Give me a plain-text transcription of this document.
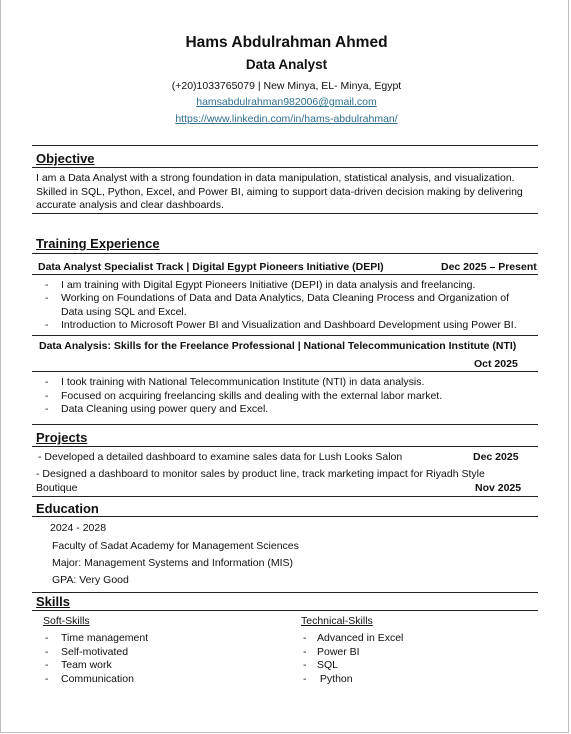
Hams Abdulrahman Ahmed
Data Analyst
(+20)1033765079 | New Minya, EL- Minya, Egypt
hamsabdulrahman982006@gmail.com
https://www.linkedin.com/in/hams-abdulrahman/
Objective
I am a Data Analyst with a strong foundation in data manipulation, statistical analysis, and visualization.
Skilled in SQL, Python, Excel, and Power BI, aiming to support data-driven decision making by delivering
accurate analysis and clear dashboards.
Training Experience
Data Analyst Specialist Track | Digital Egypt Pioneers Initiative (DEPI)	Dec 2025 – Present
- I am training with Digital Egypt Pioneers Initiative (DEPI) in data analysis and freelancing.
- Working on Foundations of Data and Data Analytics, Data Cleaning Process and Organization of
Data using SQL and Excel.
- Introduction to Microsoft Power BI and Visualization and Dashboard Development using Power BI.
Data Analysis: Skills for the Freelance Professional | National Telecommunication Institute (NTI)
Oct 2025
- I took training with National Telecommunication Institute (NTI) in data analysis.
- Focused on acquiring freelancing skills and dealing with the external labor market.
- Data Cleaning using power query and Excel.
Projects
- Developed a detailed dashboard to examine sales data for Lush Looks Salon	Dec 2025
- Designed a dashboard to monitor sales by product line, track marketing impact for Riyadh Style
Boutique	Nov 2025
Education
2024 - 2028
Faculty of Sadat Academy for Management Sciences
Major: Management Systems and Information (MIS)
GPA: Very Good
Skills
Soft-Skills
- Time management
- Self-motivated
- Team work
- Communication
Technical-Skills
- Advanced in Excel
- Power BI
- SQL
- Python
